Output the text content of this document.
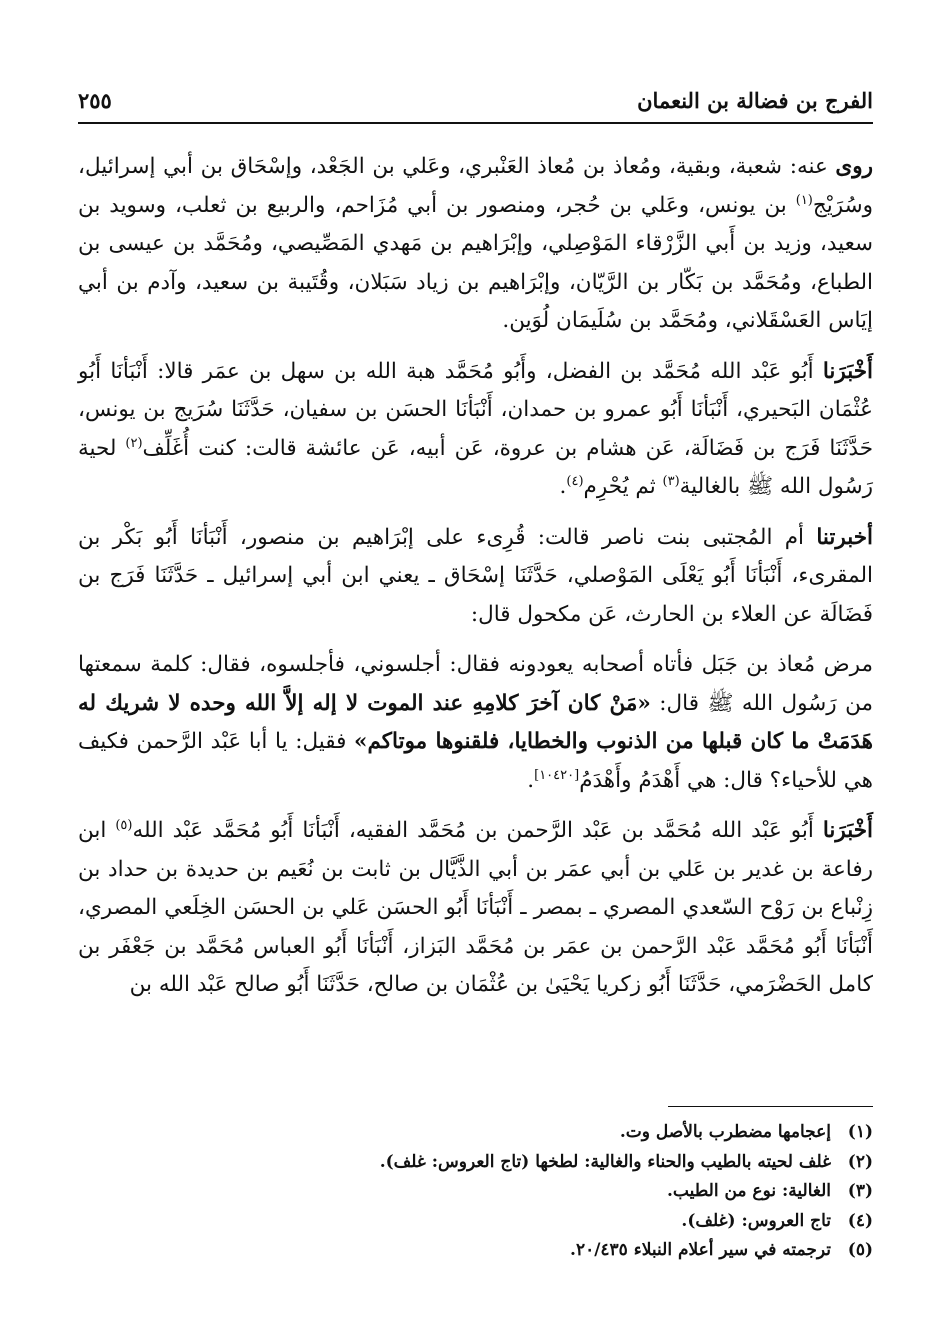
الفرج بن فضالة بن النعمان
٢٥٥

روى عنه: شعبة، وبقية، ومُعاذ بن مُعاذ العَنْبري، وعَلي بن الجَعْد، وإسْحَاق بن أبي إسرائيل، وسُرَيْج$^{(١)}$ بن يونس، وعَلي بن حُجر، ومنصور بن أبي مُزَاحم، والربيع بن ثعلب، وسويد بن سعيد، وزيد بن أَبي الزَّرْقاء المَوْصِلي، وإبْرَاهيم بن مَهدي المَصِّيصي، ومُحَمَّد بن عيسى بن الطباع، ومُحَمَّد بن بَكّار بن الرَّيّان، وإبْرَاهيم بن زياد سَبَلان، وقُتَيبة بن سعيد، وآدم بن أبي إيَاس العَسْقَلاني، ومُحَمَّد بن سُلَيمَان لُوَين.

أَخْبَرَنا أَبُو عَبْد الله مُحَمَّد بن الفضل، وأَبُو مُحَمَّد هبة الله بن سهل بن عمَر قالا: أَنْبَأنَا أَبُو عُثْمَان البَحيري، أَنْبَأنَا أَبُو عمرو بن حمدان، أَنْبَأنَا الحسَن بن سفيان، حَدَّثَنَا سُرَيج بن يونس، حَدَّثَنَا فَرَج بن فَضَالَة، عَن هشام بن عروة، عَن أبيه، عَن عائشة قالت: كنت أُغَلِّف$^{(٢)}$ لحية رَسُول الله ﷺ بالغالية$^{(٣)}$ ثم يُحْرِم$^{(٤)}$.

أخبرتنا أم المُجتبى بنت ناصر قالت: قُرِىء على إبْرَاهيم بن منصور، أَنْبَأنَا أَبُو بَكْر بن المقرىء، أَنْبَأنَا أَبُو يَعْلَى المَوْصلي، حَدَّثَنَا إسْحَاق ـ يعني ابن أبي إسرائيل ـ حَدَّثَنَا فَرَج بن فَضَالَة عن العلاء بن الحارث، عَن مكحول قال:

مرض مُعاذ بن جَبَل فأتاه أصحابه يعودونه فقال: أجلسوني، فأجلسوه، فقال: كلمة سمعتها من رَسُول الله ﷺ قال: «مَنْ كان آخرَ كلامِهِ عند الموت لا إله إلاَّ الله وحده لا شريك له هَدَمَتْ ما كان قبلها من الذنوب والخطايا، فلقنوها موتاكم» فقيل: يا أبا عَبْد الرَّحمن فكيف هي للأحياء؟ قال: هي أَهْدَمُ وأَهْدَمُ[١٠٤٢٠].

أَخْبَرَنا أَبُو عَبْد الله مُحَمَّد بن عَبْد الرَّحمن بن مُحَمَّد الفقيه، أَنْبَأنَا أَبُو مُحَمَّد عَبْد الله$^{(٥)}$ ابن رفاعة بن غدير بن عَلي بن أبي عمَر بن أبي الذَّيَّال بن ثابت بن نُعَيم بن حديدة بن حداد بن زِنْباع بن رَوْح السّعدي المصري ـ بمصر ـ أَنْبَأنَا أَبُو الحسَن عَلي بن الحسَن الخِلَعي المصري، أَنْبَأنَا أَبُو مُحَمَّد عَبْد الرَّحمن بن عمَر بن مُحَمَّد البَزاز، أَنْبَأنَا أَبُو العباس مُحَمَّد بن جَعْفَر بن كامل الحَضْرَمي، حَدَّثَنَا أَبُو زكريا يَحْيَىٰ بن عُثْمَان بن صالح، حَدَّثَنَا أَبُو صالح عَبْد الله بن

(١)
إعجامها مضطرب بالأصل وت.
(٢)
غلف لحيته بالطيب والحناء والغالية: لطخها (تاج العروس: غلف).
(٣)
الغالية: نوع من الطيب.
(٤)
تاج العروس: (غلف).
(٥)
ترجمته في سير أعلام النبلاء ٢٠/٤٣٥.
